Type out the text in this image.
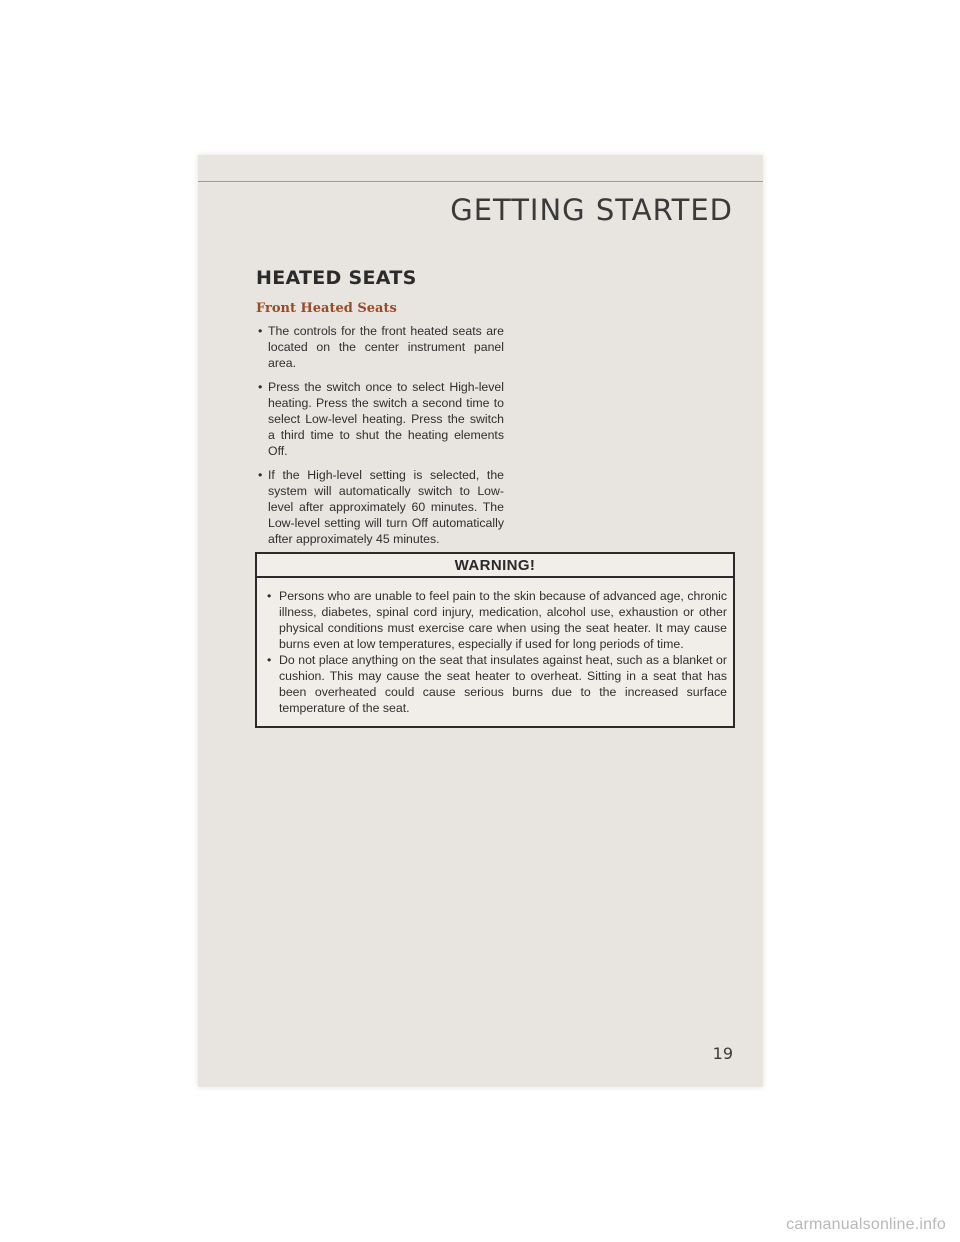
GETTING STARTED
HEATED SEATS
Front Heated Seats
• The controls for the front heated seats are located on the center instrument panel area.
• Press the switch once to select High-level heating. Press the switch a second time to select Low-level heating. Press the switch a third time to shut the heating elements Off.
• If the High-level setting is selected, the system will automatically switch to Low-level after approximately 60 minutes. The Low-level setting will turn Off automatically after approximately 45 minutes.
WARNING!
• Persons who are unable to feel pain to the skin because of advanced age, chronic illness, diabetes, spinal cord injury, medication, alcohol use, exhaustion or other physical conditions must exercise care when using the seat heater. It may cause burns even at low temperatures, especially if used for long periods of time.
• Do not place anything on the seat that insulates against heat, such as a blanket or cushion. This may cause the seat heater to overheat. Sitting in a seat that has been overheated could cause serious burns due to the increased surface temperature of the seat.
19
carmanualsonline.info
